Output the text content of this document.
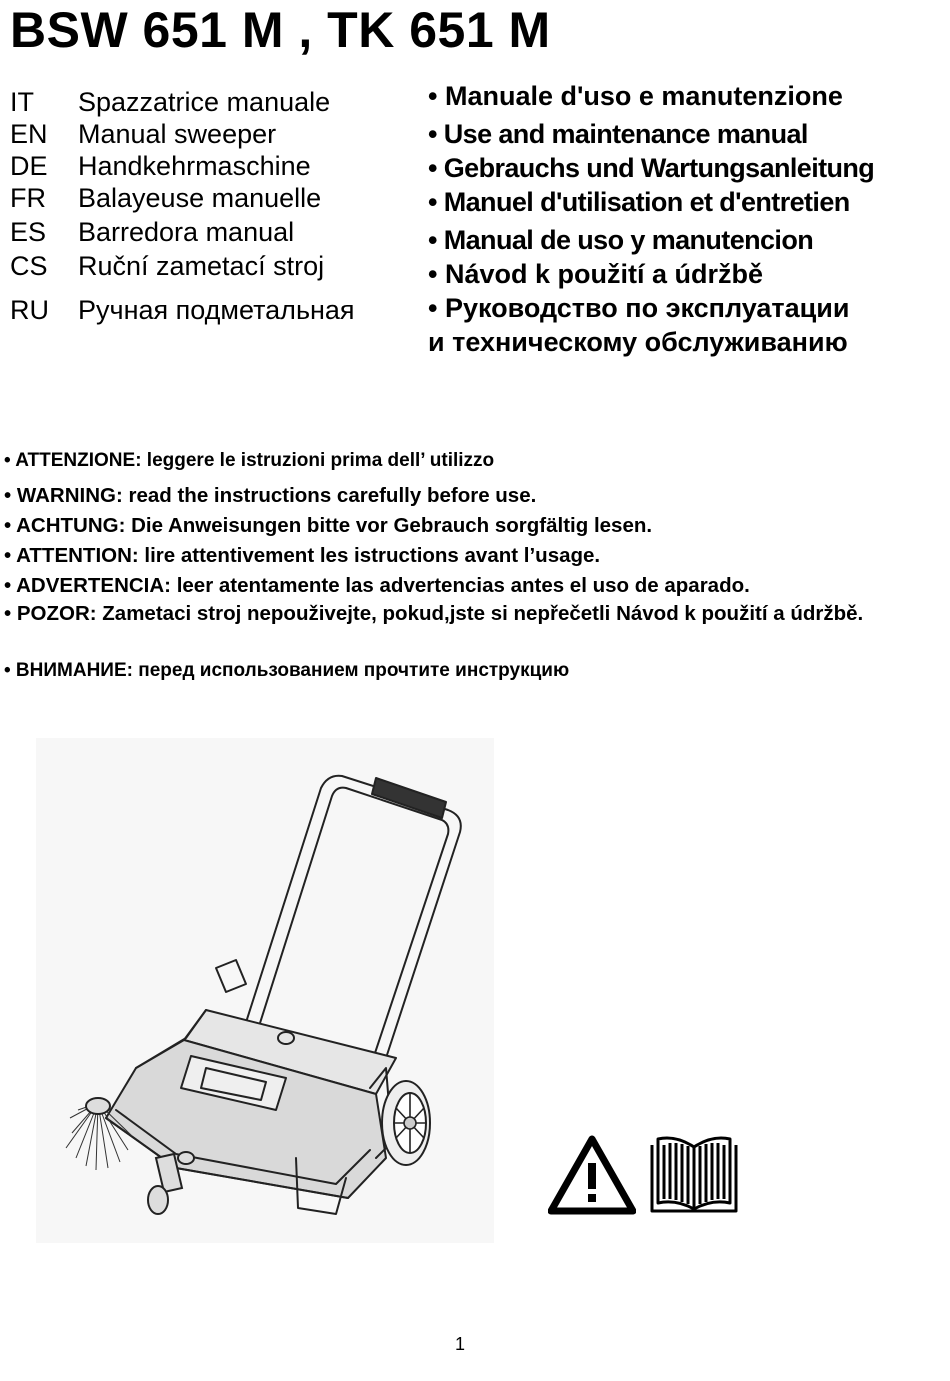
BSW 651 M , TK 651 M
IT	Spazzatrice manuale
EN	Manual sweeper
DE	Handkehrmaschine
FR	Balayeuse manuelle
ES	Barredora manual
CS	Ruční zametací stroj
RU	Ручная подметальная
• Manuale d'uso e manutenzione
• Use and maintenance manual
• Gebrauchs und Wartungsanleitung
• Manuel d'utilisation et d'entretien
• Manual de uso y manutencion
• Návod k použití a údržbě
• Руководство по эксплуатации
и техническому обслуживанию
• ATTENZIONE: leggere le istruzioni prima dell’ utilizzo
• WARNING: read the instructions carefully before use.
• ACHTUNG: Die Anweisungen bitte vor Gebrauch sorgfältig lesen.
• ATTENTION: lire attentivement les istructions avant l’usage.
• ADVERTENCIA: leer atentamente las advertencias antes el uso de aparado.
• POZOR: Zametaci stroj nepouživejte, pokud,jste si nepřečetli Návod k použití a údržbě.
• ВНИМАНИЕ: перед использованием прочтите инструкцию
1
